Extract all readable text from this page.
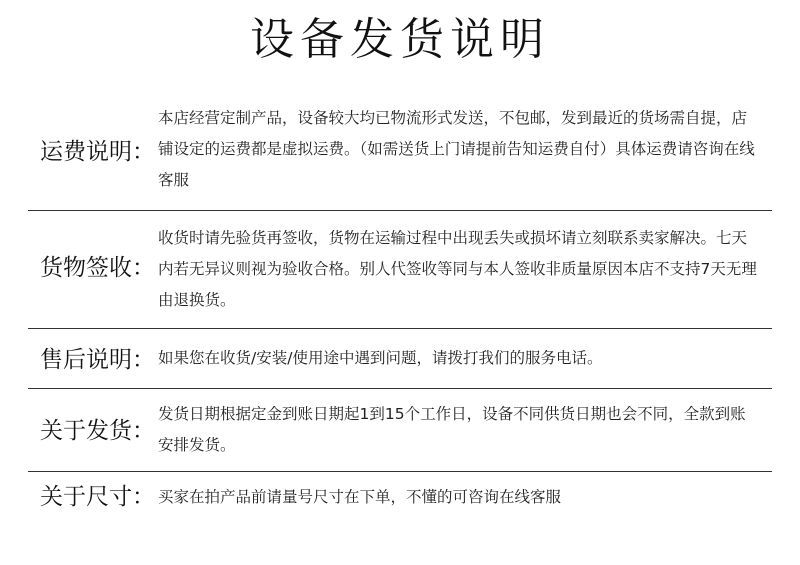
设备发货说明
运费说明：
本店经营定制产品，设备较大均已物流形式发送，不包邮，发到最近的货场需自提，店铺设定的运费都是虚拟运费。（如需送货上门请提前告知运费自付）具体运费请咨询在线客服
货物签收：
收货时请先验货再签收，货物在运输过程中出现丢失或损坏请立刻联系卖家解决。七天内若无异议则视为验收合格。别人代签收等同与本人签收非质量原因本店不支持7天无理由退换货。
售后说明： 如果您在收货/安装/使用途中遇到问题，请拨打我们的服务电话。
关于发货：
发货日期根据定金到账日期起1到15个工作日，设备不同供货日期也会不同，全款到账安排发货。
关于尺寸： 买家在拍产品前请量号尺寸在下单，不懂的可咨询在线客服
